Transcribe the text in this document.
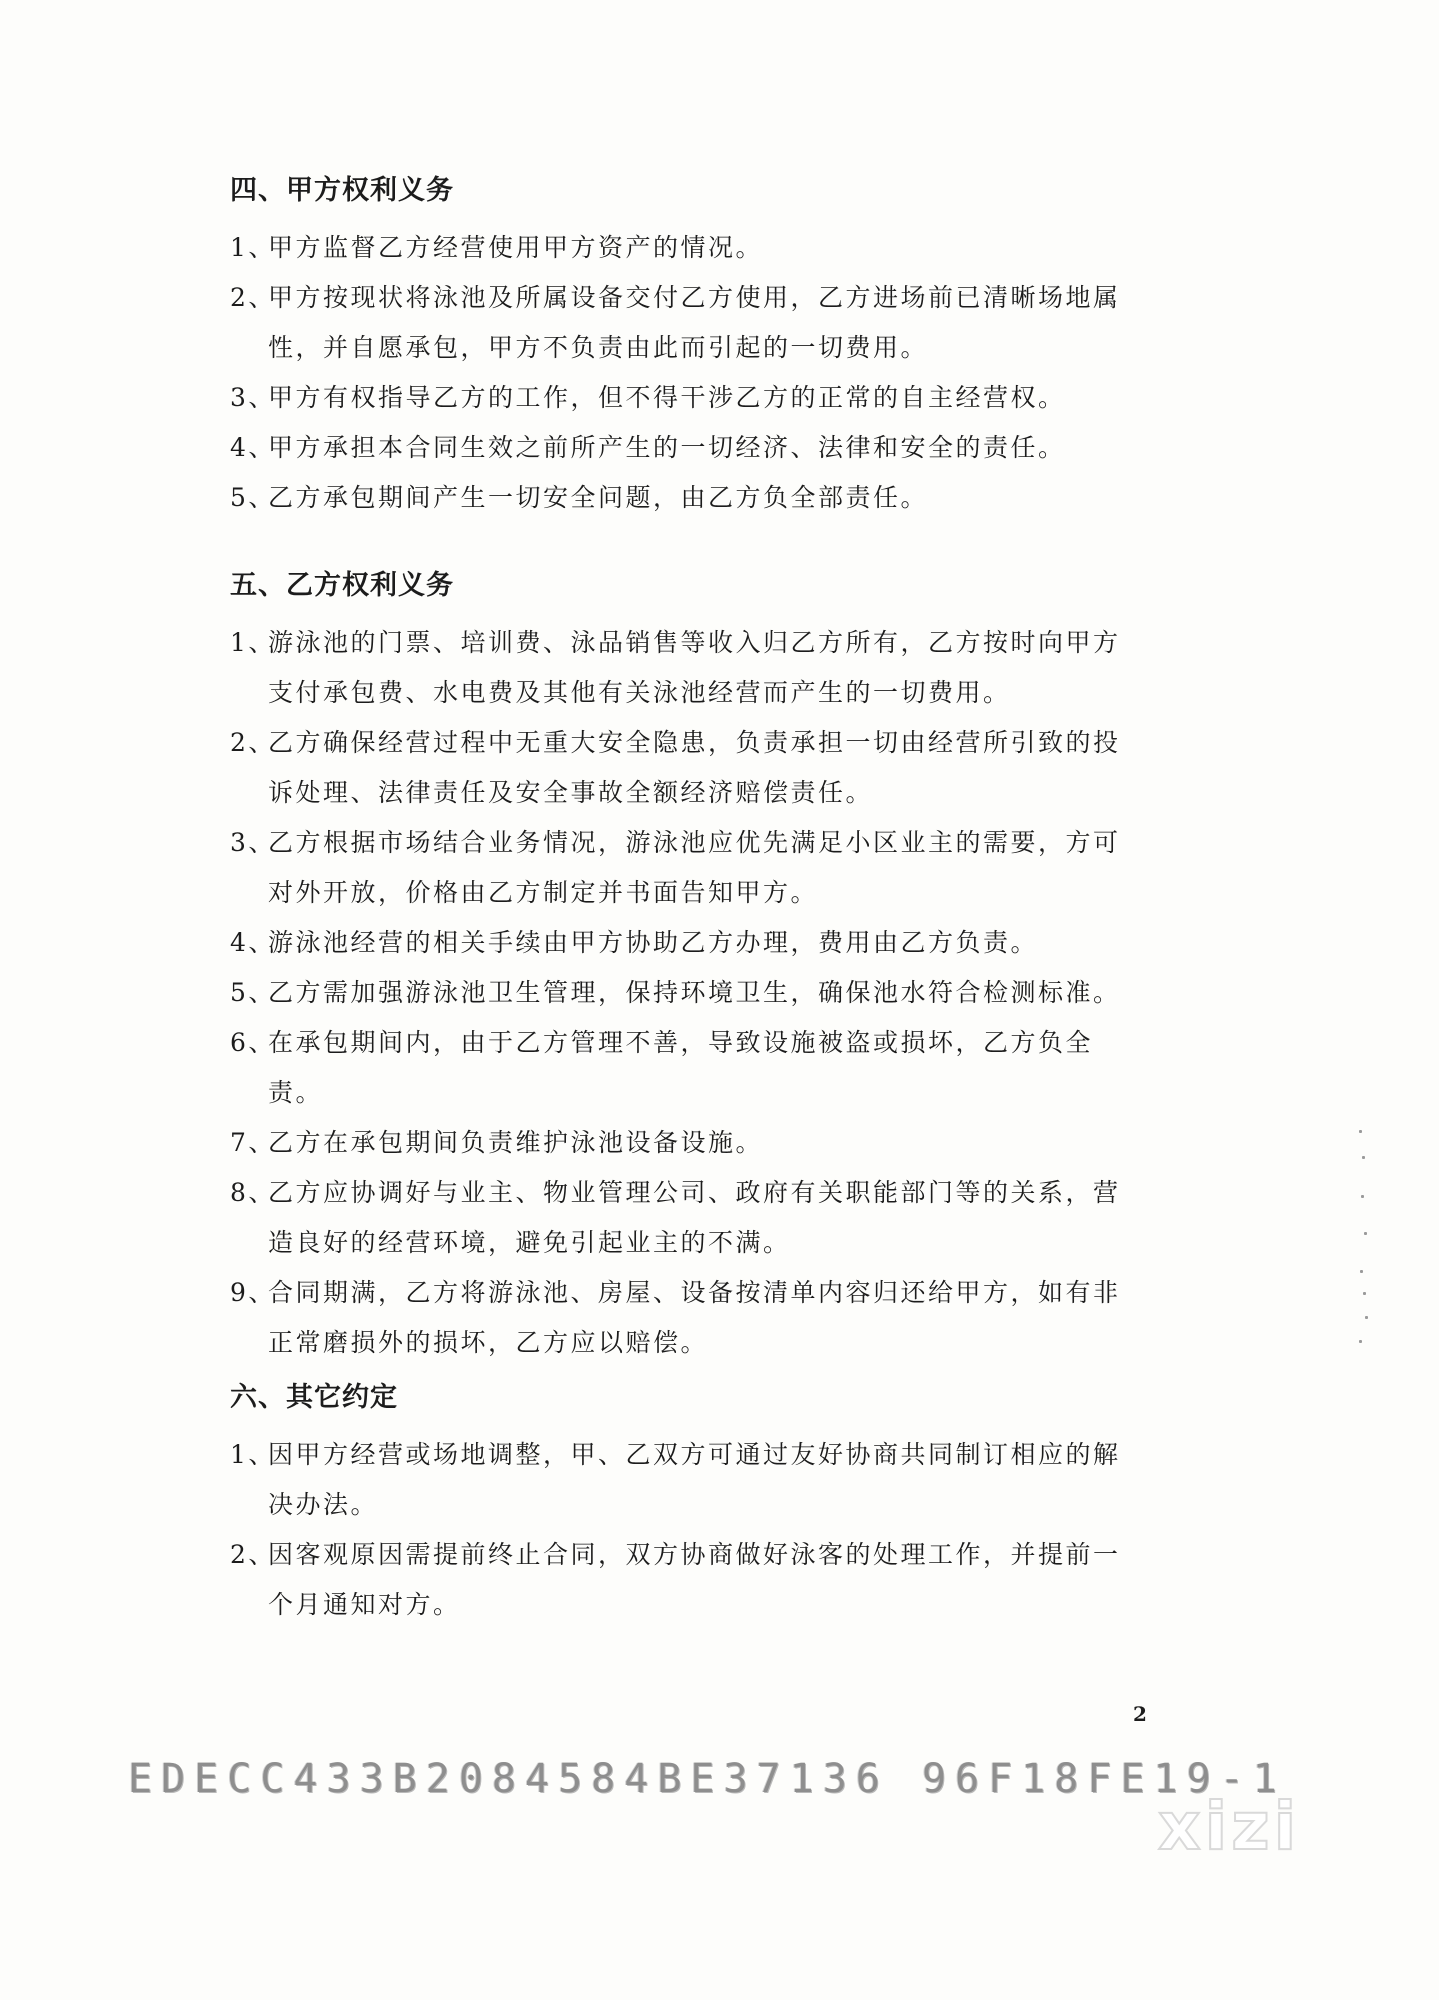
四、甲方权利义务
1、
甲方监督乙方经营使用甲方资产的情况。
2、
甲方按现状将泳池及所属设备交付乙方使用，乙方进场前已清晰场地属性，并自愿承包，甲方不负责由此而引起的一切费用。
3、
甲方有权指导乙方的工作，但不得干涉乙方的正常的自主经营权。
4、
甲方承担本合同生效之前所产生的一切经济、法律和安全的责任。
5、
乙方承包期间产生一切安全问题，由乙方负全部责任。
五、乙方权利义务
1、
游泳池的门票、培训费、泳品销售等收入归乙方所有，乙方按时向甲方支付承包费、水电费及其他有关泳池经营而产生的一切费用。
2、
乙方确保经营过程中无重大安全隐患，负责承担一切由经营所引致的投诉处理、法律责任及安全事故全额经济赔偿责任。
3、
乙方根据市场结合业务情况，游泳池应优先满足小区业主的需要，方可对外开放，价格由乙方制定并书面告知甲方。
4、
游泳池经营的相关手续由甲方协助乙方办理，费用由乙方负责。
5、
乙方需加强游泳池卫生管理，保持环境卫生，确保池水符合检测标准。
6、
在承包期间内，由于乙方管理不善，导致设施被盗或损坏，乙方负全责。
7、
乙方在承包期间负责维护泳池设备设施。
8、
乙方应协调好与业主、物业管理公司、政府有关职能部门等的关系，营造良好的经营环境，避免引起业主的不满。
9、
合同期满，乙方将游泳池、房屋、设备按清单内容归还给甲方，如有非正常磨损外的损坏，乙方应以赔偿。
六、其它约定
1、
因甲方经营或场地调整，甲、乙双方可通过友好协商共同制订相应的解决办法。
2、
因客观原因需提前终止合同，双方协商做好泳客的处理工作，并提前一个月通知对方。
2
EDECC433B2084584BE37136 96F18FE19-1
xizi
